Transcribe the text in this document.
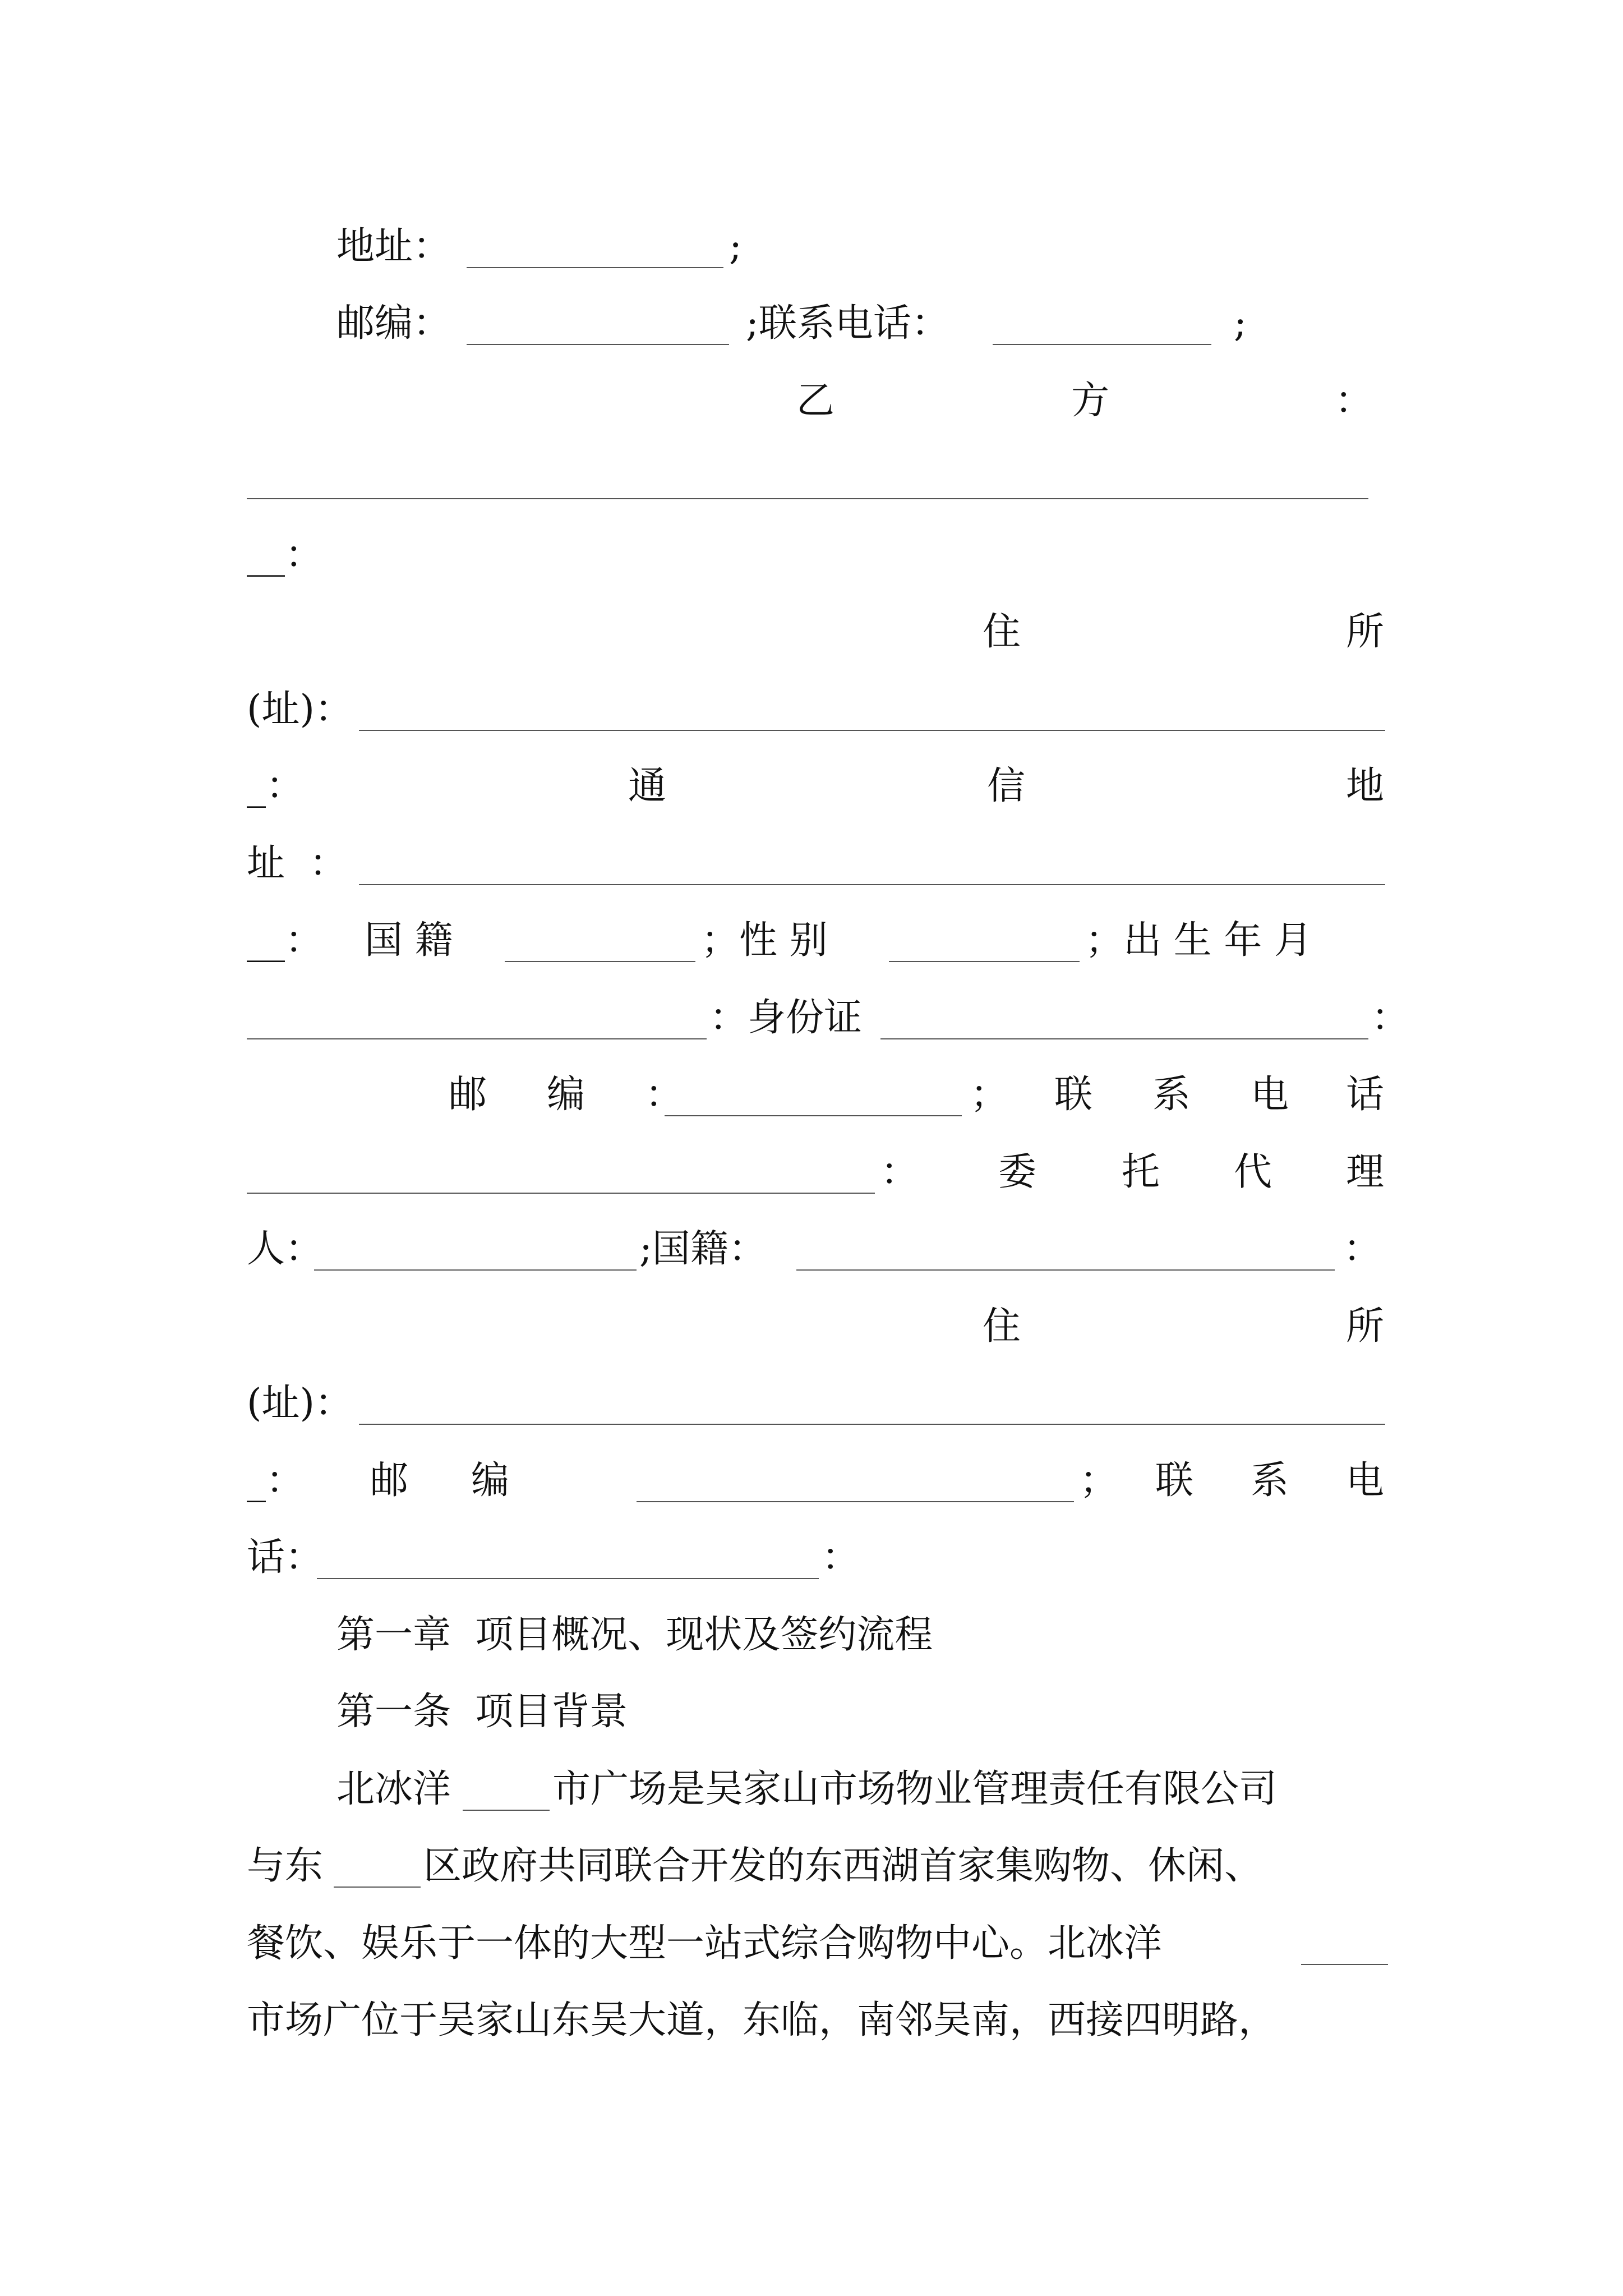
地址：	;
邮编：	;联系电话：	;
乙	方	：
__：
住	所
(址)：
_：	通	信	地
址  ：
__： 国 籍	；性 别	；出 生 年 月
：身份证	：
邮 编 ：	； 联 系 电 话
： 委 托 代 理
人：	;国籍：	：
住	所
(址)：
_： 邮 编	； 联 系 电
话：	：
第一章  项目概况、现状及签约流程
第一条  项目背景
北冰洋	市广场是吴家山市场物业管理责任有限公司
与东	区政府共同联合开发的东西湖首家集购物、休闲、
餐饮、娱乐于一体的大型一站式综合购物中心。北冰洋
市场广位于吴家山东吴大道，东临，南邻吴南，西接四明路，
